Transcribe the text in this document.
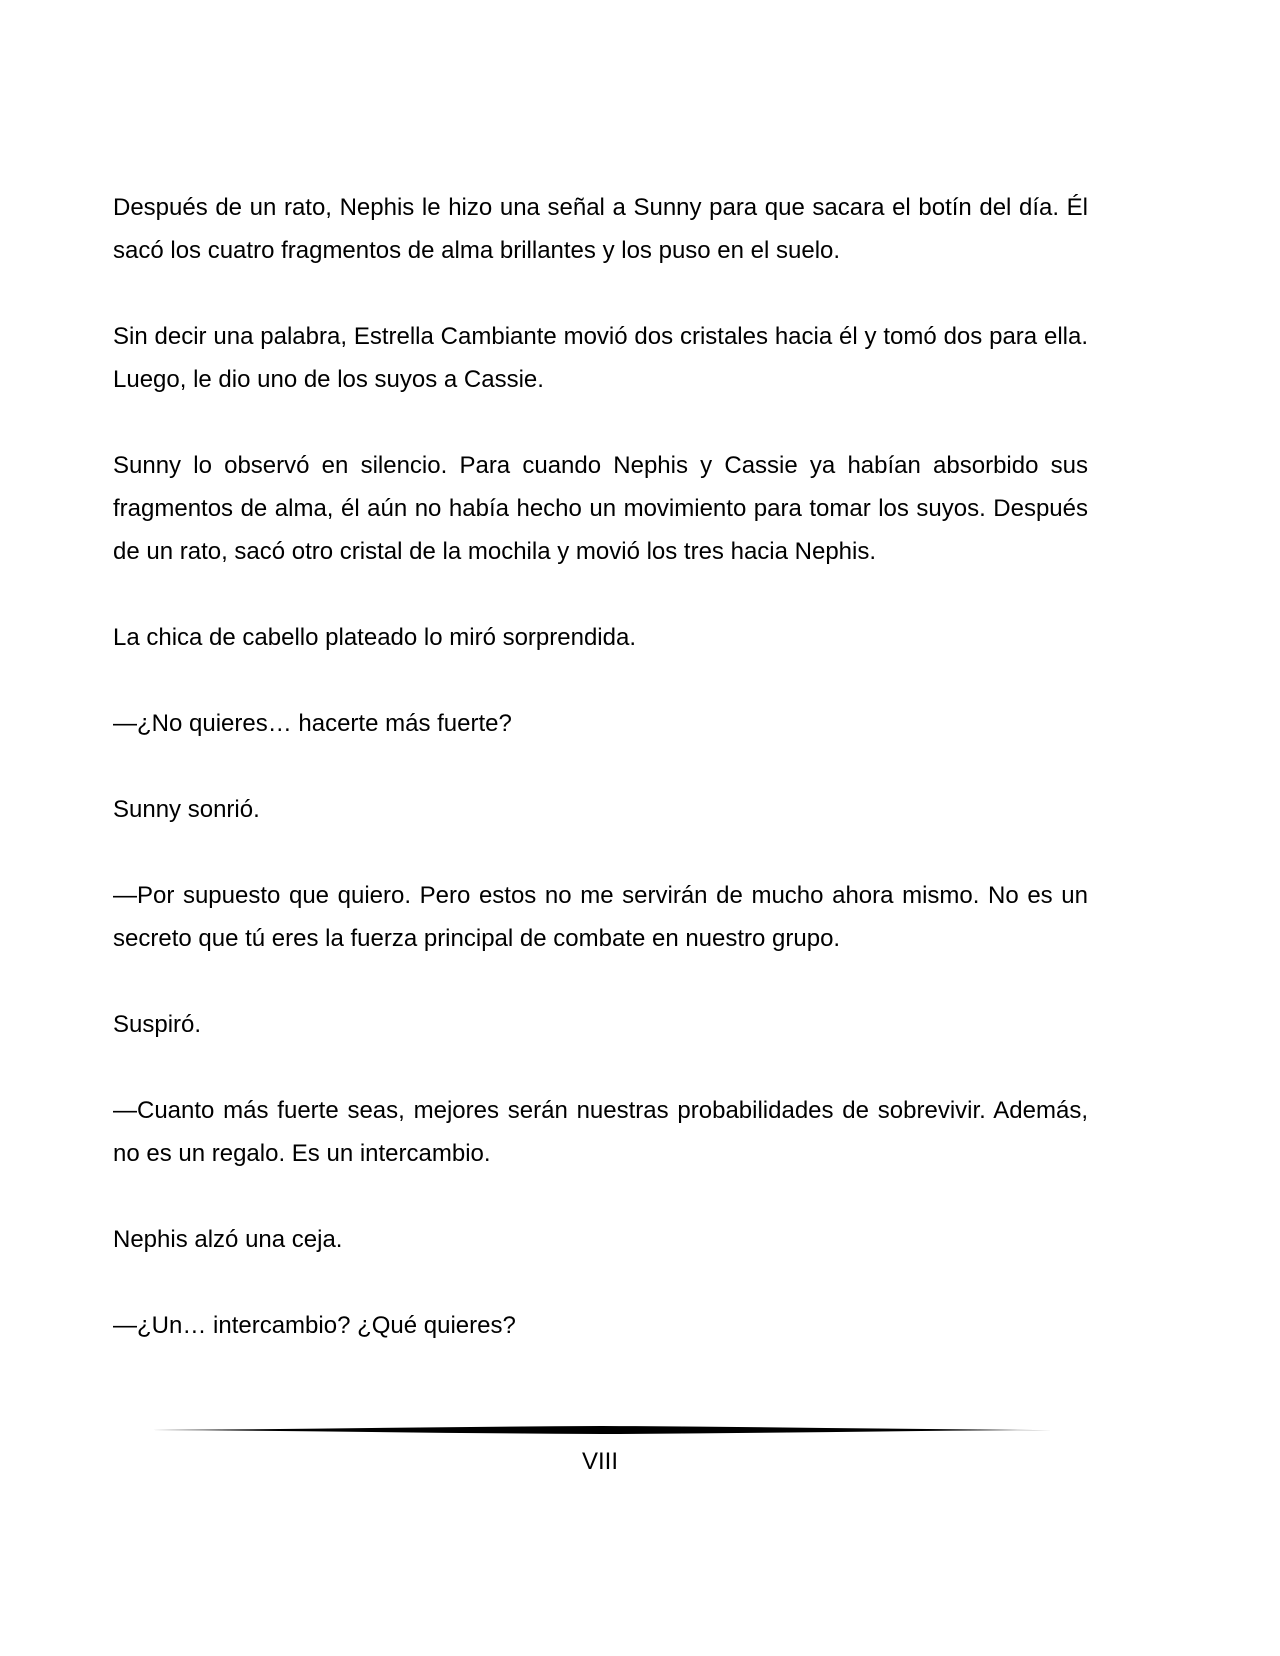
Después de un rato, Nephis le hizo una señal a Sunny para que sacara el botín del día. Él sacó los cuatro fragmentos de alma brillantes y los puso en el suelo.

Sin decir una palabra, Estrella Cambiante movió dos cristales hacia él y tomó dos para ella. Luego, le dio uno de los suyos a Cassie.

Sunny lo observó en silencio. Para cuando Nephis y Cassie ya habían absorbido sus fragmentos de alma, él aún no había hecho un movimiento para tomar los suyos. Después de un rato, sacó otro cristal de la mochila y movió los tres hacia Nephis.

La chica de cabello plateado lo miró sorprendida.

—¿No quieres… hacerte más fuerte?

Sunny sonrió.

—Por supuesto que quiero. Pero estos no me servirán de mucho ahora mismo. No es un secreto que tú eres la fuerza principal de combate en nuestro grupo.

Suspiró.

—Cuanto más fuerte seas, mejores serán nuestras probabilidades de sobrevivir. Además, no es un regalo. Es un intercambio.

Nephis alzó una ceja.

—¿Un… intercambio? ¿Qué quieres?

VIII
